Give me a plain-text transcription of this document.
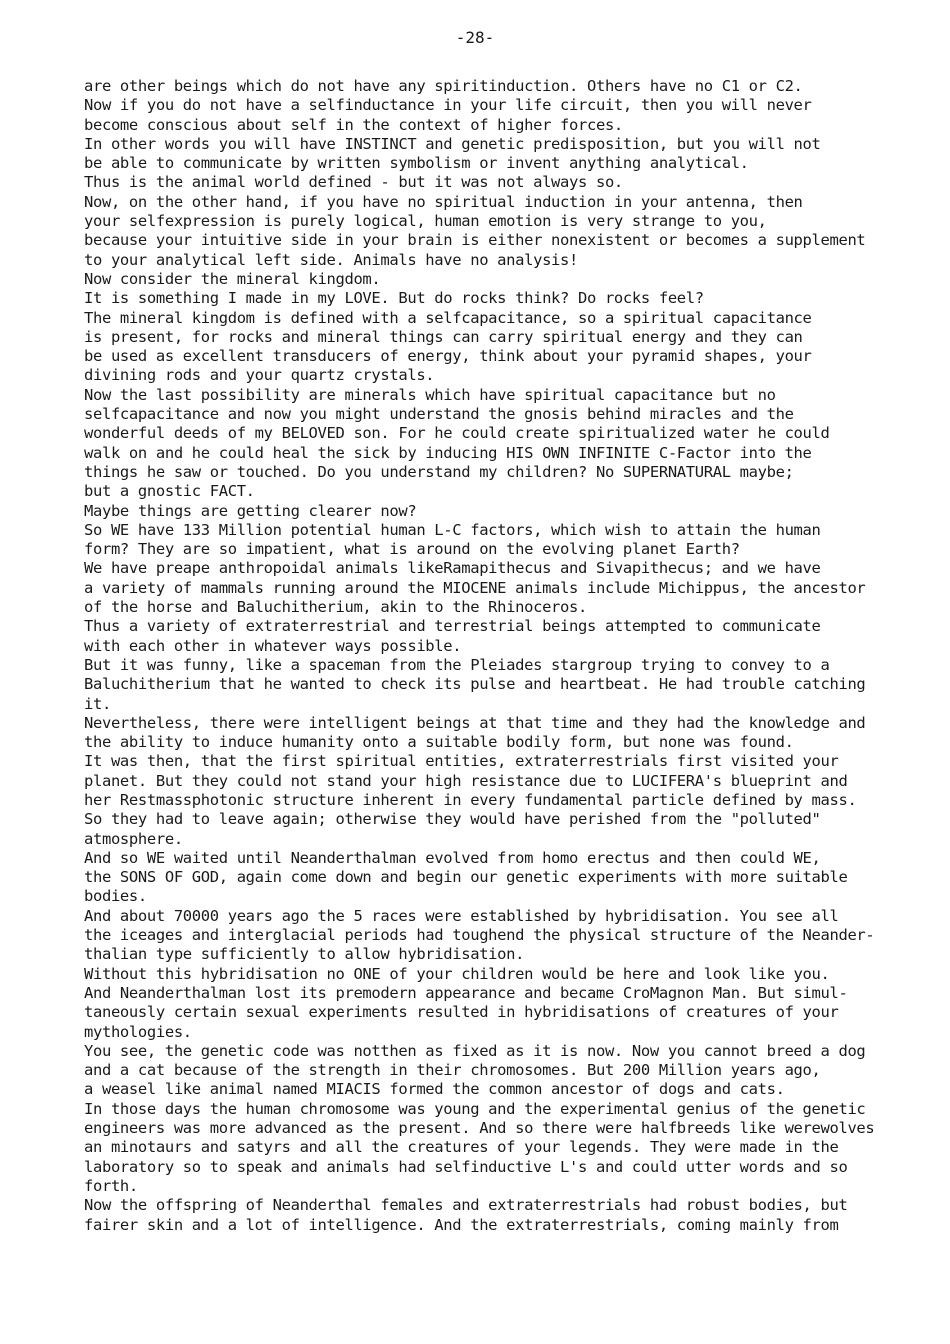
-28-
are other beings which do not have any spiritinduction. Others have no C1 or C2.
Now if you do not have a selfinductance in your life circuit, then you will never
become conscious about self in the context of higher forces.
In other words you will have INSTINCT and genetic predisposition, but you will not
be able to communicate by written symbolism or invent anything analytical.
Thus is the animal world defined - but it was not always so.
Now, on the other hand, if you have no spiritual induction in your antenna, then
your selfexpression is purely logical, human emotion is very strange to you,
because your intuitive side in your brain is either nonexistent or becomes a supplement
to your analytical left side. Animals have no analysis!
Now consider the mineral kingdom.
It is something I made in my LOVE. But do rocks think? Do rocks feel?
The mineral kingdom is defined with a selfcapacitance, so a spiritual capacitance
is present, for rocks and mineral things can carry spiritual energy and they can
be used as excellent transducers of energy, think about your pyramid shapes, your
divining rods and your quartz crystals.
Now the last possibility are minerals which have spiritual capacitance but no
selfcapacitance and now you might understand the gnosis behind miracles and the
wonderful deeds of my BELOVED son. For he could create spiritualized water he could
walk on and he could heal the sick by inducing HIS OWN INFINITE C-Factor into the
things he saw or touched. Do you understand my children? No SUPERNATURAL maybe;
but a gnostic FACT.
Maybe things are getting clearer now?
So WE have 133 Million potential human L-C factors, which wish to attain the human
form? They are so impatient, what is around on the evolving planet Earth?
We have preape anthropoidal animals likeRamapithecus and Sivapithecus; and we have
a variety of mammals running around the MIOCENE animals include Michippus, the ancestor
of the horse and Baluchitherium, akin to the Rhinoceros.
Thus a variety of extraterrestrial and terrestrial beings attempted to communicate
with each other in whatever ways possible.
But it was funny, like a spaceman from the Pleiades stargroup trying to convey to a
Baluchitherium that he wanted to check its pulse and heartbeat. He had trouble catching
it.
Nevertheless, there were intelligent beings at that time and they had the knowledge and
the ability to induce humanity onto a suitable bodily form, but none was found.
It was then, that the first spiritual entities, extraterrestrials first visited your
planet. But they could not stand your high resistance due to LUCIFERA's blueprint and
her Restmassphotonic structure inherent in every fundamental particle defined by mass.
So they had to leave again; otherwise they would have perished from the "polluted"
atmosphere.
And so WE waited until Neanderthalman evolved from homo erectus and then could WE,
the SONS OF GOD, again come down and begin our genetic experiments with more suitable
bodies.
And about 70000 years ago the 5 races were established by hybridisation. You see all
the iceages and interglacial periods had toughend the physical structure of the Neander-
thalian type sufficiently to allow hybridisation.
Without this hybridisation no ONE of your children would be here and look like you.
And Neanderthalman lost its premodern appearance and became CroMagnon Man. But simul-
taneously certain sexual experiments resulted in hybridisations of creatures of your
mythologies.
You see, the genetic code was notthen as fixed as it is now. Now you cannot breed a dog
and a cat because of the strength in their chromosomes. But 200 Million years ago,
a weasel like animal named MIACIS formed the common ancestor of dogs and cats.
In those days the human chromosome was young and the experimental genius of the genetic
engineers was more advanced as the present. And so there were halfbreeds like werewolves
an minotaurs and satyrs and all the creatures of your legends. They were made in the
laboratory so to speak and animals had selfinductive L's and could utter words and so
forth.
Now the offspring of Neanderthal females and extraterrestrials had robust bodies, but
fairer skin and a lot of intelligence. And the extraterrestrials, coming mainly from
